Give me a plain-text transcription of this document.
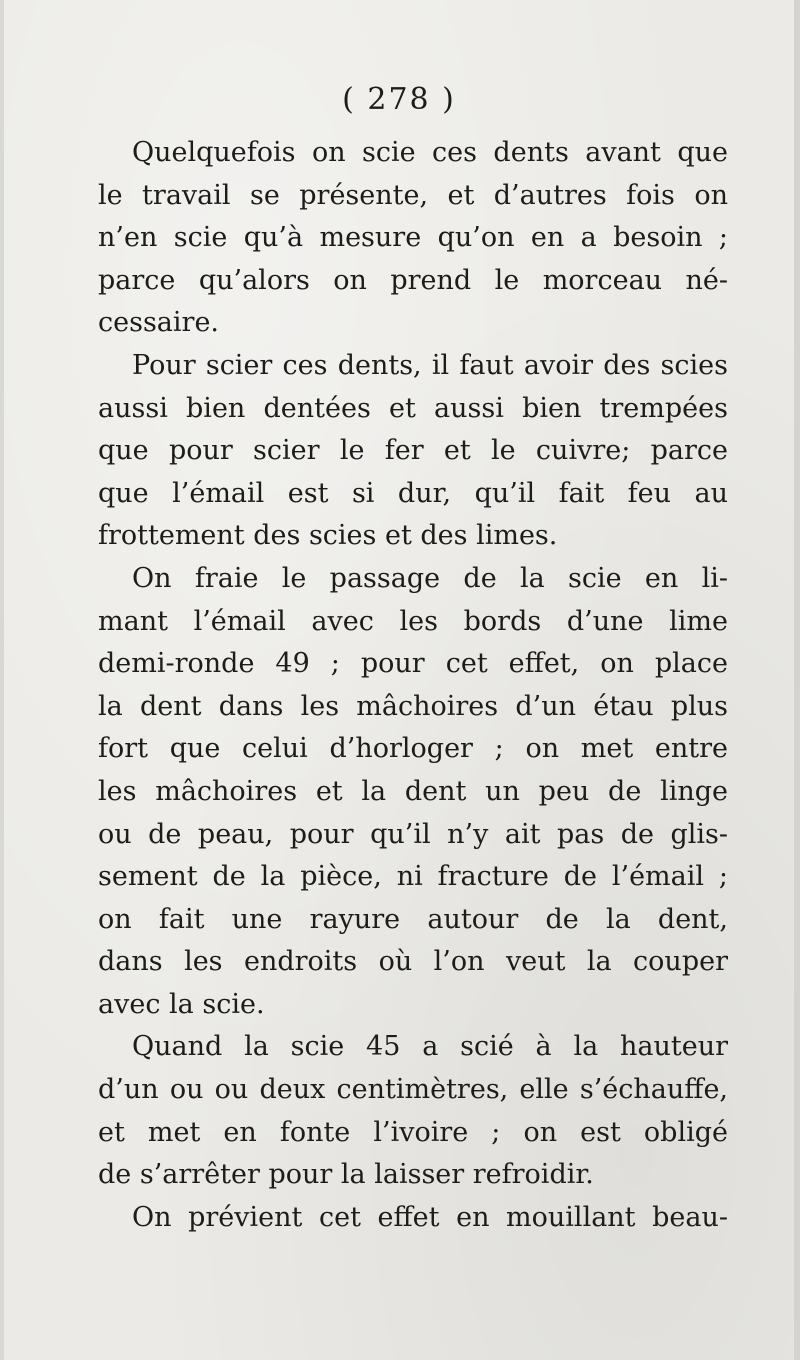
( 278 )
Quelquefois on scie ces dents avant que
le travail se présente, et d’autres fois on
n’en scie qu’à mesure qu’on en a besoin ;
parce qu’alors on prend le morceau né-
cessaire.
Pour scier ces dents, il faut avoir des scies
aussi bien dentées et aussi bien trempées
que pour scier le fer et le cuivre; parce
que l’émail est si dur, qu’il fait feu au
frottement des scies et des limes.
On fraie le passage de la scie en li-
mant l’émail avec les bords d’une lime
demi-ronde 49 ; pour cet effet, on place
la dent dans les mâchoires d’un étau plus
fort que celui d’horloger ; on met entre
les mâchoires et la dent un peu de linge
ou de peau, pour qu’il n’y ait pas de glis-
sement de la pièce, ni fracture de l’émail ;
on fait une rayure autour de la dent,
dans les endroits où l’on veut la couper
avec la scie.
Quand la scie 45 a scié à la hauteur
d’un ou ou deux centimètres, elle s’échauffe,
et met en fonte l’ivoire ; on est obligé
de s’arrêter pour la laisser refroidir.
On prévient cet effet en mouillant beau-
